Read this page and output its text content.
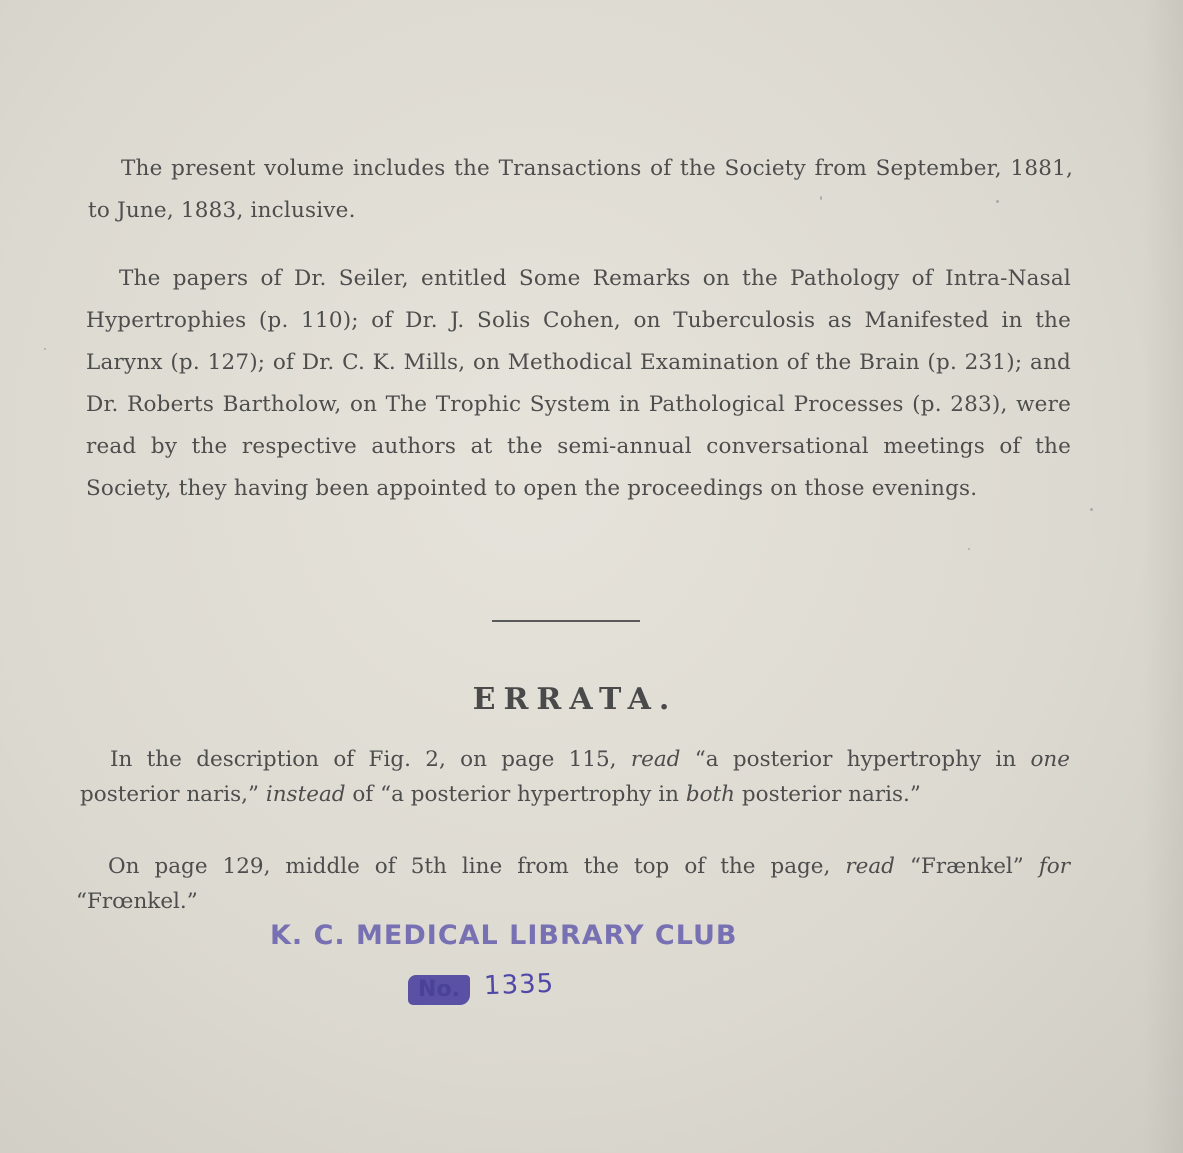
The present volume includes the Transactions of the Society from September, 1881, to June, 1883, inclusive.

The papers of Dr. Seiler, entitled Some Remarks on the Pathology of Intra-Nasal Hypertrophies (p. 110); of Dr. J. Solis Cohen, on Tuberculosis as Manifested in the Larynx (p. 127); of Dr. C. K. Mills, on Methodical Examination of the Brain (p. 231); and Dr. Roberts Bartholow, on The Trophic System in Pathological Processes (p. 283), were read by the respective authors at the semi-annual conversational meetings of the Society, they having been appointed to open the proceedings on those evenings.

ERRATA.

In the description of Fig. 2, on page 115, read “a posterior hypertrophy in one posterior naris,” instead of “a posterior hypertrophy in both posterior naris.”

On page 129, middle of 5th line from the top of the page, read “Frænkel” for “Frœnkel.”

K. C. MEDICAL LIBRARY CLUB
No. 1335
